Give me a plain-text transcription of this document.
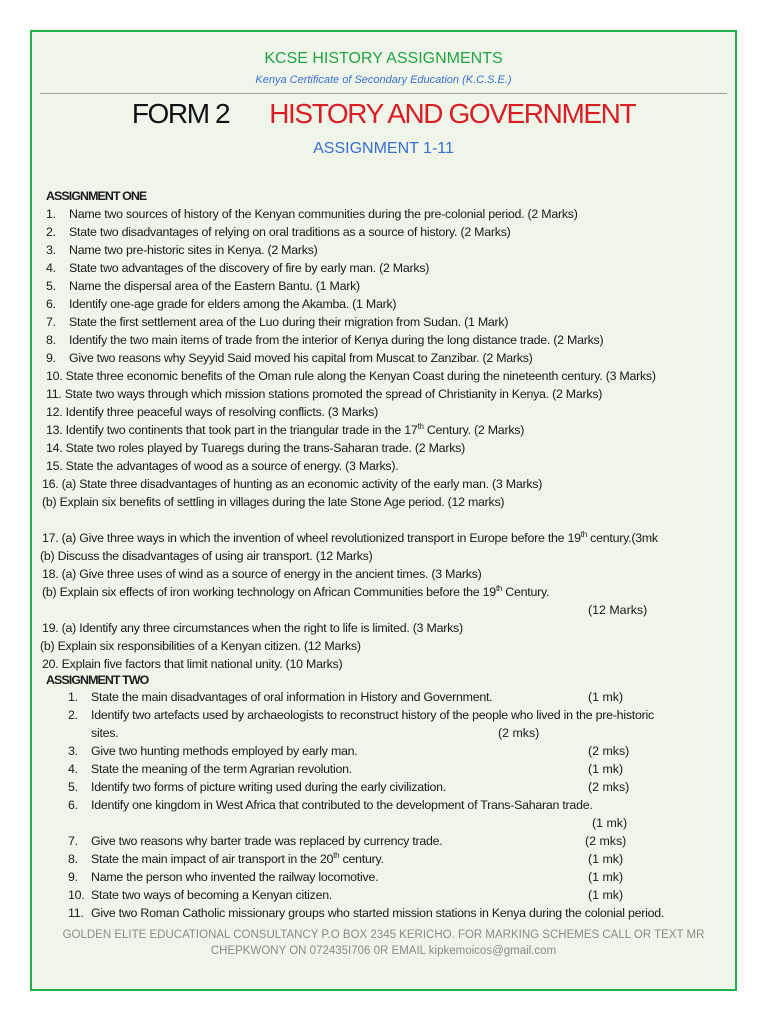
KCSE HISTORY ASSIGNMENTS
Kenya Certificate of Secondary Education (K.C.S.E.)
FORM 2 HISTORY AND GOVERNMENT
ASSIGNMENT 1-11
ASSIGNMENT ONE
1. Name two sources of history of the Kenyan communities during the pre-colonial period. (2 Marks)
2. State two disadvantages of relying on oral traditions as a source of history. (2 Marks)
3. Name two pre-historic sites in Kenya. (2 Marks)
4. State two advantages of the discovery of fire by early man. (2 Marks)
5. Name the dispersal area of the Eastern Bantu. (1 Mark)
6. Identify one-age grade for elders among the Akamba. (1 Mark)
7. State the first settlement area of the Luo during their migration from Sudan. (1 Mark)
8. Identify the two main items of trade from the interior of Kenya during the long distance trade. (2 Marks)
9. Give two reasons why Seyyid Said moved his capital from Muscat to Zanzibar. (2 Marks)
10. State three economic benefits of the Oman rule along the Kenyan Coast during the nineteenth century. (3 Marks)
11. State two ways through which mission stations promoted the spread of Christianity in Kenya. (2 Marks)
12. Identify three peaceful ways of resolving conflicts. (3 Marks)
13. Identify two continents that took part in the triangular trade in the 17th Century. (2 Marks)
14. State two roles played by Tuaregs during the trans-Saharan trade. (2 Marks)
15. State the advantages of wood as a source of energy. (3 Marks).
16. (a) State three disadvantages of hunting as an economic activity of the early man. (3 Marks)
(b) Explain six benefits of settling in villages during the late Stone Age period. (12 marks)
17. (a) Give three ways in which the invention of wheel revolutionized transport in Europe before the 19th century.(3mk
(b) Discuss the disadvantages of using air transport. (12 Marks)
18. (a) Give three uses of wind as a source of energy in the ancient times. (3 Marks)
(b) Explain six effects of iron working technology on African Communities before the 19th Century.
(12 Marks)
19. (a) Identify any three circumstances when the right to life is limited. (3 Marks)
(b) Explain six responsibilities of a Kenyan citizen. (12 Marks)
20. Explain five factors that limit national unity. (10 Marks)
ASSIGNMENT TWO
1. State the main disadvantages of oral information in History and Government.	(1 mk)
2. Identify two artefacts used by archaeologists to reconstruct history of the people who lived in the pre-historic
sites.	(2 mks)
3. Give two hunting methods employed by early man.	(2 mks)
4. State the meaning of the term Agrarian revolution.	(1 mk)
5. Identify two forms of picture writing used during the early civilization.	(2 mks)
6. Identify one kingdom in West Africa that contributed to the development of Trans-Saharan trade.
(1 mk)
7. Give two reasons why barter trade was replaced by currency trade.	(2 mks)
8. State the main impact of air transport in the 20th century.	(1 mk)
9. Name the person who invented the railway locomotive.	(1 mk)
10. State two ways of becoming a Kenyan citizen.	(1 mk)
11. Give two Roman Catholic missionary groups who started mission stations in Kenya during the colonial period.
GOLDEN ELITE EDUCATIONAL CONSULTANCY P.O BOX 2345 KERICHO. FOR MARKING SCHEMES CALL OR TEXT MR
CHEPKWONY ON 072435I706 0R EMAIL kipkemoicos@gmail.com
